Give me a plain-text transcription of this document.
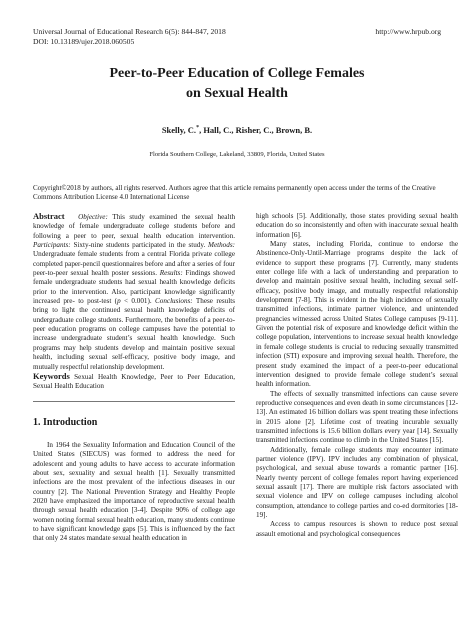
Universal Journal of Educational Research 6(5): 844-847, 2018
DOI: 10.13189/ujer.2018.060505
http://www.hrpub.org
Peer-to-Peer Education of College Females
on Sexual Health
Skelly, C.*, Hall, C., Risher, C., Brown, B.
Florida Southern College, Lakeland, 33809, Florida, United States
Copyright©2018 by authors, all rights reserved. Authors agree that this article remains permanently open access under the terms of the Creative Commons Attribution License 4.0 International License

Abstract Objective: This study examined the sexual health knowledge of female undergraduate college students before and following a peer to peer, sexual health education intervention. Participants: Sixty-nine students participated in the study. Methods: Undergraduate female students from a central Florida private college completed paper-pencil questionnaires before and after a series of four peer-to-peer sexual health poster sessions. Results: Findings showed female undergraduate students had sexual health knowledge deficits prior to the intervention. Also, participant knowledge significantly increased pre- to post-test (p < 0.001). Conclusions: These results bring to light the continued sexual health knowledge deficits of undergraduate college students. Furthermore, the benefits of a peer-to-peer education programs on college campuses have the potential to increase undergraduate student’s sexual health knowledge. Such programs may help students develop and maintain positive sexual health, including sexual self-efficacy, positive body image, and mutually respectful relationship development.

Keywords Sexual Health Knowledge, Peer to Peer Education, Sexual Health Education

1. Introduction

In 1964 the Sexuality Information and Education Council of the United States (SIECUS) was formed to address the need for adolescent and young adults to have access to accurate information about sex, sexuality and sexual health [1]. Sexually transmitted infections are the most prevalent of the infectious diseases in our country [2]. The National Prevention Strategy and Healthy People 2020 have emphasized the importance of reproductive sexual health through sexual health education [3-4]. Despite 90% of college age women noting formal sexual health education, many students continue to have significant knowledge gaps [5]. This is influenced by the fact that only 24 states mandate sexual health education in

high schools [5]. Additionally, those states providing sexual health education do so inconsistently and often with inaccurate sexual health information [6].

Many states, including Florida, continue to endorse the Abstinence-Only-Until-Marriage programs despite the lack of evidence to support these programs [7]. Currently, many students enter college life with a lack of understanding and preparation to develop and maintain positive sexual health, including sexual self-efficacy, positive body image, and mutually respectful relationship development [7-8]. This is evident in the high incidence of sexually transmitted infections, intimate partner violence, and unintended pregnancies witnessed across United States College campuses [9-11]. Given the potential risk of exposure and knowledge deficit within the college population, interventions to increase sexual health knowledge in female college students is crucial to reducing sexually transmitted infection (STI) exposure and improving sexual health. Therefore, the present study examined the impact of a peer-to-peer educational intervention designed to provide female college student’s sexual health information.

The effects of sexually transmitted infections can cause severe reproductive consequences and even death in some circumstances [12-13]. An estimated 16 billion dollars was spent treating these infections in 2015 alone [2]. Lifetime cost of treating incurable sexually transmitted infections is 15.6 billion dollars every year [14]. Sexually transmitted infections continue to climb in the United States [15].

Additionally, female college students may encounter intimate partner violence (IPV). IPV includes any combination of physical, psychological, and sexual abuse towards a romantic partner [16]. Nearly twenty percent of college females report having experienced sexual assault [17]. There are multiple risk factors associated with sexual violence and IPV on college campuses including alcohol consumption, attendance to college parties and co-ed dormitories [18-19].

Access to campus resources is shown to reduce post sexual assault emotional and psychological consequences
